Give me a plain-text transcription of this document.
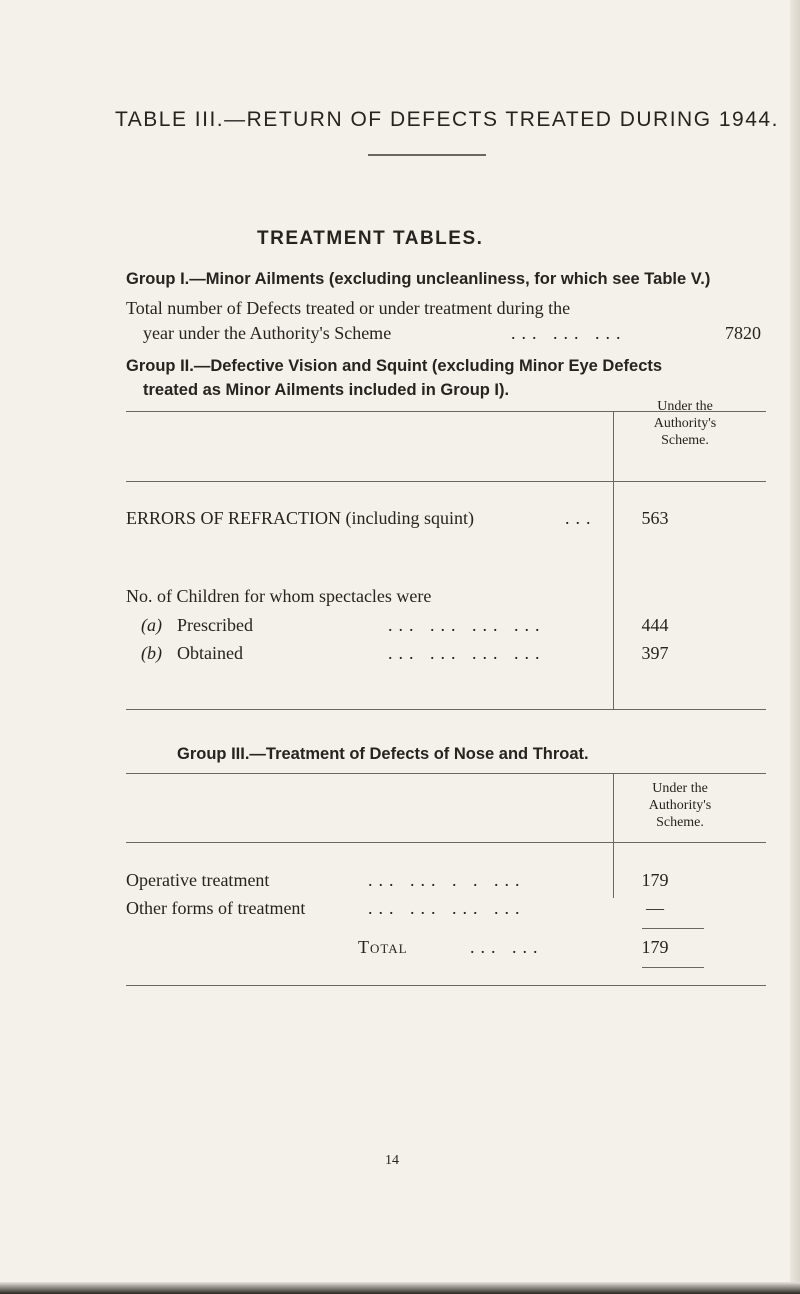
TABLE III.—RETURN OF DEFECTS TREATED DURING 1944.
TREATMENT TABLES.
Group I.—Minor Ailments (excluding uncleanliness, for which see Table V.)
Total number of Defects treated or under treatment during the
year under the Authority's Scheme	... ... ...	7820
Group II.—Defective Vision and Squint (excluding Minor Eye Defects
treated as Minor Ailments included in Group I).
Under the
Authority's
Scheme.
ERRORS OF REFRACTION (including squint)	...	563
No. of Children for whom spectacles were
(a) Prescribed	... ... ... ...	444
(b) Obtained	... ... ... ...	397
Group III.—Treatment of Defects of Nose and Throat.
Under the
Authority's
Scheme.
Operative treatment	... ... . . ...	179
Other forms of treatment	... ... ... ...	—
Total	... ...	179
14
